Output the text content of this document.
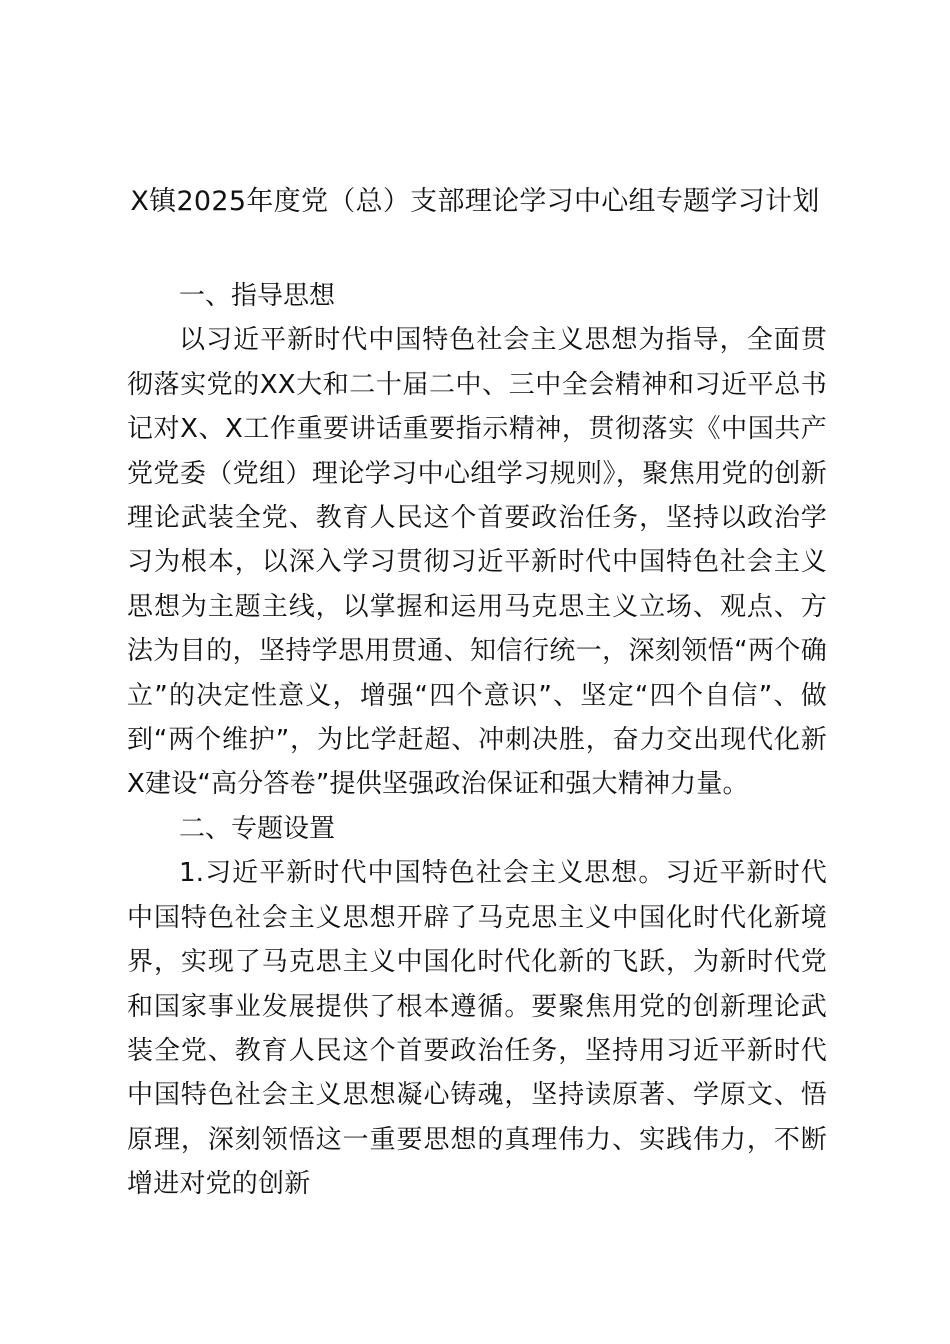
X镇2025年度党（总）支部理论学习中心组专题学习计划
一、指导思想
以习近平新时代中国特色社会主义思想为指导，全面贯彻落实党的XX大和二十届二中、三中全会精神和习近平总书记对X、X工作重要讲话重要指示精神，贯彻落实《中国共产党党委（党组）理论学习中心组学习规则》，聚焦用党的创新理论武装全党、教育人民这个首要政治任务，坚持以政治学习为根本，以深入学习贯彻习近平新时代中国特色社会主义思想为主题主线，以掌握和运用马克思主义立场、观点、方法为目的，坚持学思用贯通、知信行统一，深刻领悟“两个确立”的决定性意义，增强“四个意识”、坚定“四个自信”、做到“两个维护”，为比学赶超、冲刺决胜，奋力交出现代化新X建设“高分答卷”提供坚强政治保证和强大精神力量。
二、专题设置
1.习近平新时代中国特色社会主义思想。习近平新时代中国特色社会主义思想开辟了马克思主义中国化时代化新境界，实现了马克思主义中国化时代化新的飞跃，为新时代党和国家事业发展提供了根本遵循。要聚焦用党的创新理论武装全党、教育人民这个首要政治任务，坚持用习近平新时代中国特色社会主义思想凝心铸魂，坚持读原著、学原文、悟原理，深刻领悟这一重要思想的真理伟力、实践伟力，不断增进对党的创新
